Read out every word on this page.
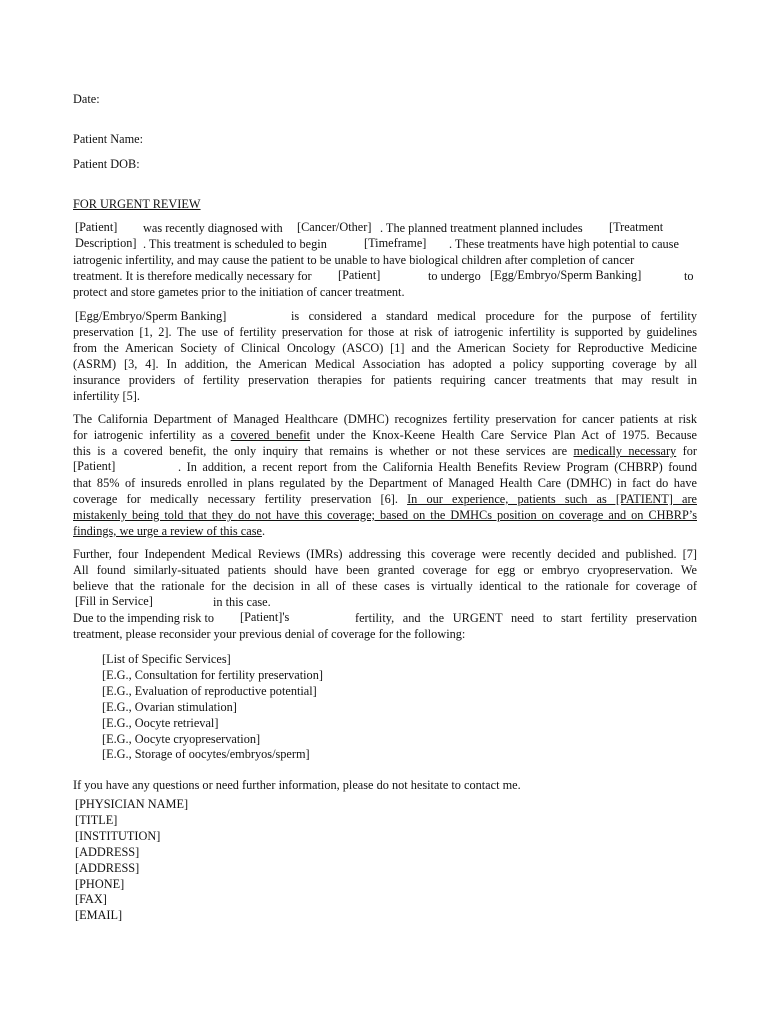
Date:
Patient Name:
Patient DOB:
FOR URGENT REVIEW
[Patient] was recently diagnosed with [Cancer/Other] . The planned treatment planned includes [Treatment
Description] . This treatment is scheduled to begin	[Timeframe] . These treatments have high potential to cause
iatrogenic infertility, and may cause the patient to be unable to have biological children after completion of cancer
treatment. It is therefore medically necessary for [Patient]	to undergo [Egg/Embryo/Sperm Banking]	to
protect and store gametes prior to the initiation of cancer treatment.
[Egg/Embryo/Sperm Banking]	is considered a standard medical procedure for the purpose of fertility
preservation [1, 2]. The use of fertility preservation for those at risk of iatrogenic infertility is supported by guidelines
from the American Society of Clinical Oncology (ASCO) [1] and the American Society for Reproductive Medicine
(ASRM) [3, 4]. In addition, the American Medical Association has adopted a policy supporting coverage by all
insurance providers of fertility preservation therapies for patients requiring cancer treatments that may result in
infertility [5].
The California Department of Managed Healthcare (DMHC) recognizes fertility preservation for cancer patients at risk
for iatrogenic infertility as a covered benefit under the Knox-Keene Health Care Service Plan Act of 1975. Because
this is a covered benefit, the only inquiry that remains is whether or not these services are medically necessary for
[Patient]	. In addition, a recent report from the California Health Benefits Review Program (CHBRP) found
that 85% of insureds enrolled in plans regulated by the Department of Managed Health Care (DMHC) in fact do have
coverage for medically necessary fertility preservation [6]. In our experience, patients such as [PATIENT] are
mistakenly being told that they do not have this coverage; based on the DMHCs position on coverage and on CHBRP’s
findings, we urge a review of this case.
Further, four Independent Medical Reviews (IMRs) addressing this coverage were recently decided and published. [7]
All found similarly-situated patients should have been granted coverage for egg or embryo cryopreservation. We
believe that the rationale for the decision in all of these cases is virtually identical to the rationale for coverage of
[Fill in Service]	in this case.
Due to the impending risk to [Patient]'s	fertility, and the URGENT need to start fertility preservation
treatment, please reconsider your previous denial of coverage for the following:
[List of Specific Services]
[E.G., Consultation for fertility preservation]
[E.G., Evaluation of reproductive potential]
[E.G., Ovarian stimulation]
[E.G., Oocyte retrieval]
[E.G., Oocyte cryopreservation]
[E.G., Storage of oocytes/embryos/sperm]
If you have any questions or need further information, please do not hesitate to contact me.
[PHYSICIAN NAME]
[TITLE]
[INSTITUTION]
[ADDRESS]
[ADDRESS]
[PHONE]
[FAX]
[EMAIL]
